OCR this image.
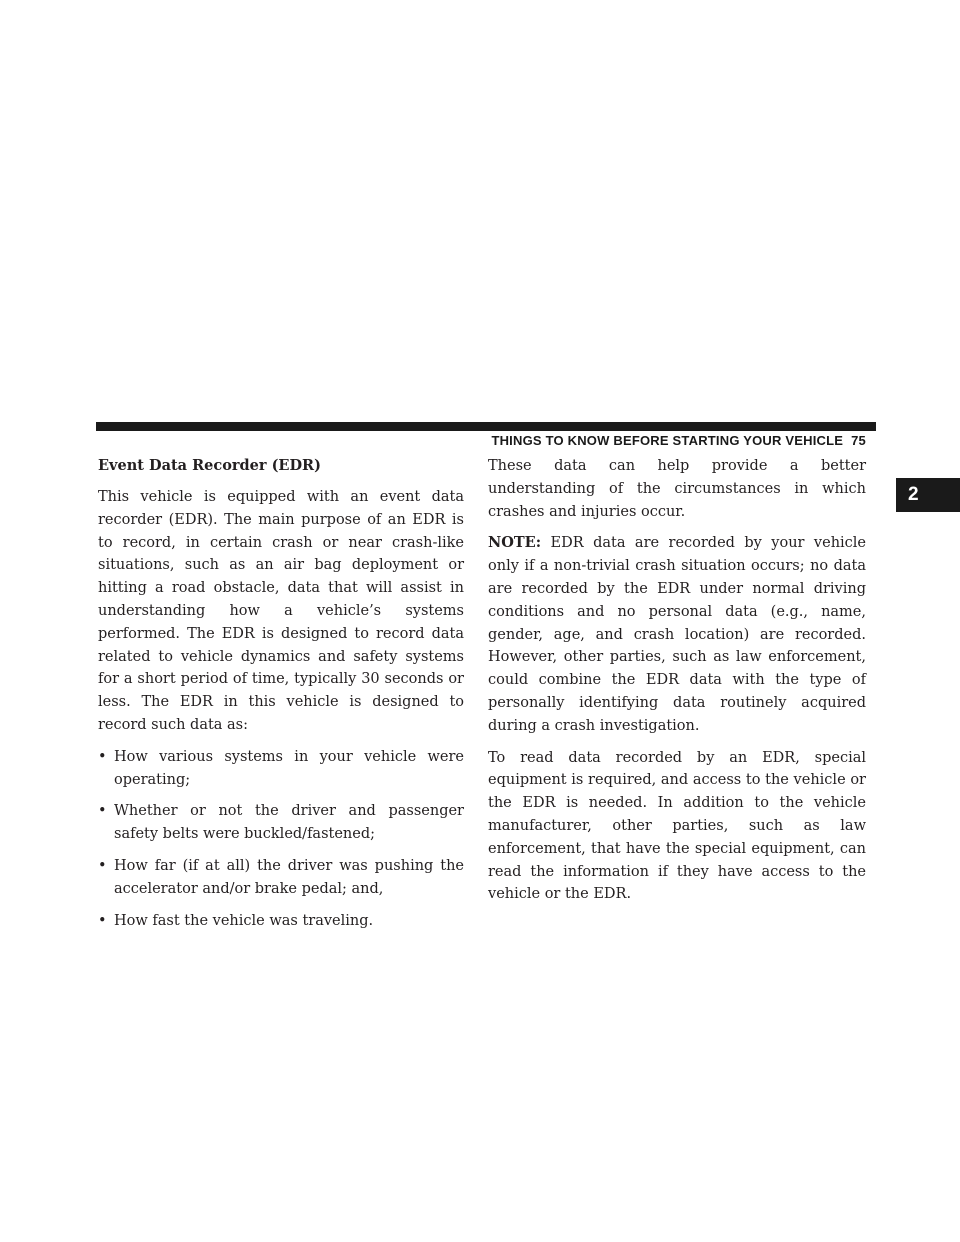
THINGS TO KNOW BEFORE STARTING YOUR VEHICLE 75
2
Event Data Recorder (EDR)

This vehicle is equipped with an event data recorder (EDR). The main purpose of an EDR is to record, in certain crash or near crash-like situations, such as an air bag deployment or hitting a road obstacle, data that will assist in understanding how a vehicle’s systems performed. The EDR is designed to record data related to vehicle dynamics and safety systems for a short period of time, typically 30 seconds or less. The EDR in this vehicle is designed to record such data as:

• How various systems in your vehicle were operating;
• Whether or not the driver and passenger safety belts were buckled/fastened;
• How far (if at all) the driver was pushing the accelerator and/or brake pedal; and,
• How fast the vehicle was traveling.

These data can help provide a better understanding of the circumstances in which crashes and injuries occur.

NOTE: EDR data are recorded by your vehicle only if a non-trivial crash situation occurs; no data are recorded by the EDR under normal driving conditions and no personal data (e.g., name, gender, age, and crash location) are recorded. However, other parties, such as law enforcement, could combine the EDR data with the type of personally identifying data routinely acquired during a crash investigation.

To read data recorded by an EDR, special equipment is required, and access to the vehicle or the EDR is needed. In addition to the vehicle manufacturer, other parties, such as law enforcement, that have the special equipment, can read the information if they have access to the vehicle or the EDR.
